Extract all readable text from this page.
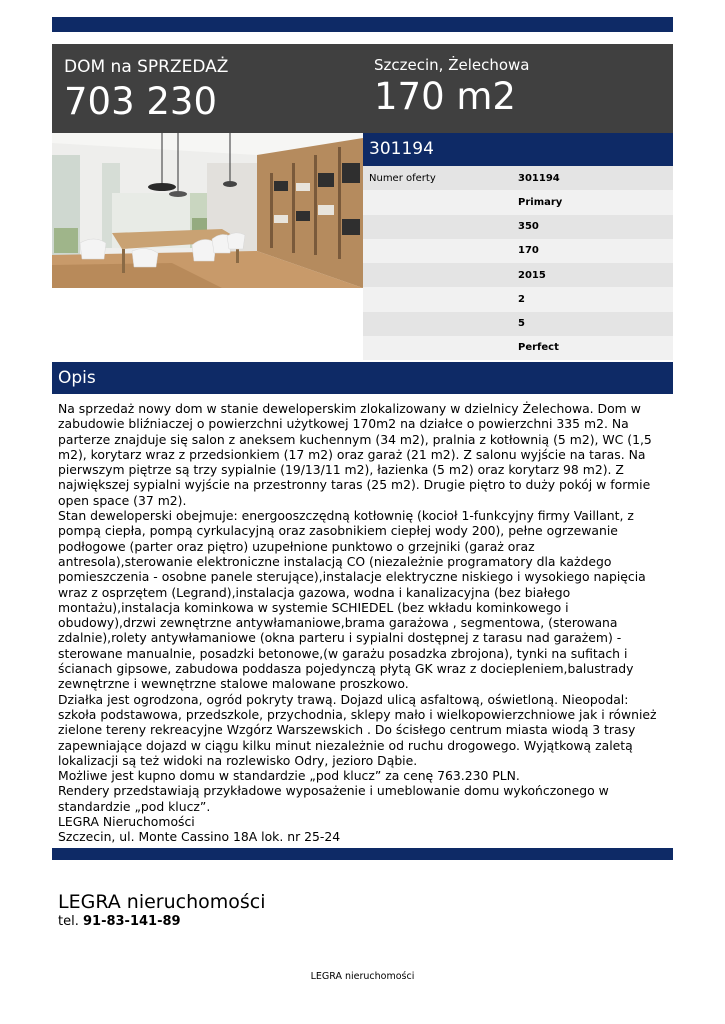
DOM na SPRZEDAŻ
703 230
Szczecin, Żelechowa
170 m2
301194
Numer oferty	301194
Primary
350
170
2015
2
5
Perfect
Opis

Na sprzedaż nowy dom w stanie deweloperskim zlokalizowany w dzielnicy Żelechowa. Dom w zabudowie bliźniaczej o powierzchni użytkowej 170m2 na działce o powierzchni 335 m2. Na parterze znajduje się salon z aneksem kuchennym (34 m2), pralnia z kotłownią (5 m2), WC (1,5 m2), korytarz wraz z przedsionkiem (17 m2) oraz garaż (21 m2). Z salonu wyjście na taras. Na pierwszym piętrze są trzy sypialnie (19/13/11 m2), łazienka (5 m2) oraz korytarz 98 m2). Z największej sypialni wyjście na przestronny taras (25 m2). Drugie piętro to duży pokój w formie open space (37 m2).

Stan deweloperski obejmuje: energooszczędną kotłownię (kocioł 1-funkcyjny firmy Vaillant, z pompą ciepła, pompą cyrkulacyjną oraz zasobnikiem ciepłej wody 200), pełne ogrzewanie podłogowe (parter oraz piętro) uzupełnione punktowo o grzejniki (garaż oraz antresola),sterowanie elektroniczne instalacją CO (niezależnie programatory dla każdego pomieszczenia - osobne panele sterujące),instalacje elektryczne niskiego i wysokiego napięcia wraz z osprzętem (Legrand),instalacja gazowa, wodna i kanalizacyjna (bez białego montażu),instalacja kominkowa w systemie SCHIEDEL (bez wkładu kominkowego i obudowy),drzwi zewnętrzne antywłamaniowe,brama garażowa , segmentowa, (sterowana zdalnie),rolety antywłamaniowe (okna parteru i sypialni dostępnej z tarasu nad garażem) - sterowane manualnie, posadzki betonowe,(w garażu posadzka zbrojona), tynki na sufitach i ścianach gipsowe, zabudowa poddasza pojedynczą płytą GK wraz z dociepleniem,balustrady zewnętrzne i wewnętrzne stalowe malowane proszkowo.

Działka jest ogrodzona, ogród pokryty trawą. Dojazd ulicą asfaltową, oświetloną. Nieopodal: szkoła podstawowa, przedszkole, przychodnia, sklepy mało i wielkopowierzchniowe jak i również zielone tereny rekreacyjne Wzgórz Warszewskich . Do ścisłego centrum miasta wiodą 3 trasy zapewniające dojazd w ciągu kilku minut niezależnie od ruchu drogowego. Wyjątkową zaletą lokalizacji są też widoki na rozlewisko Odry, jezioro Dąbie.

Możliwe jest kupno domu w standardzie „pod klucz” za cenę 763.230 PLN.

Rendery przedstawiają przykładowe wyposażenie i umeblowanie domu wykończonego w standardzie „pod klucz”.

LEGRA Nieruchomości

Szczecin, ul. Monte Cassino 18A lok. nr 25-24

LEGRA nieruchomości
tel. 91-83-141-89
LEGRA nieruchomości
